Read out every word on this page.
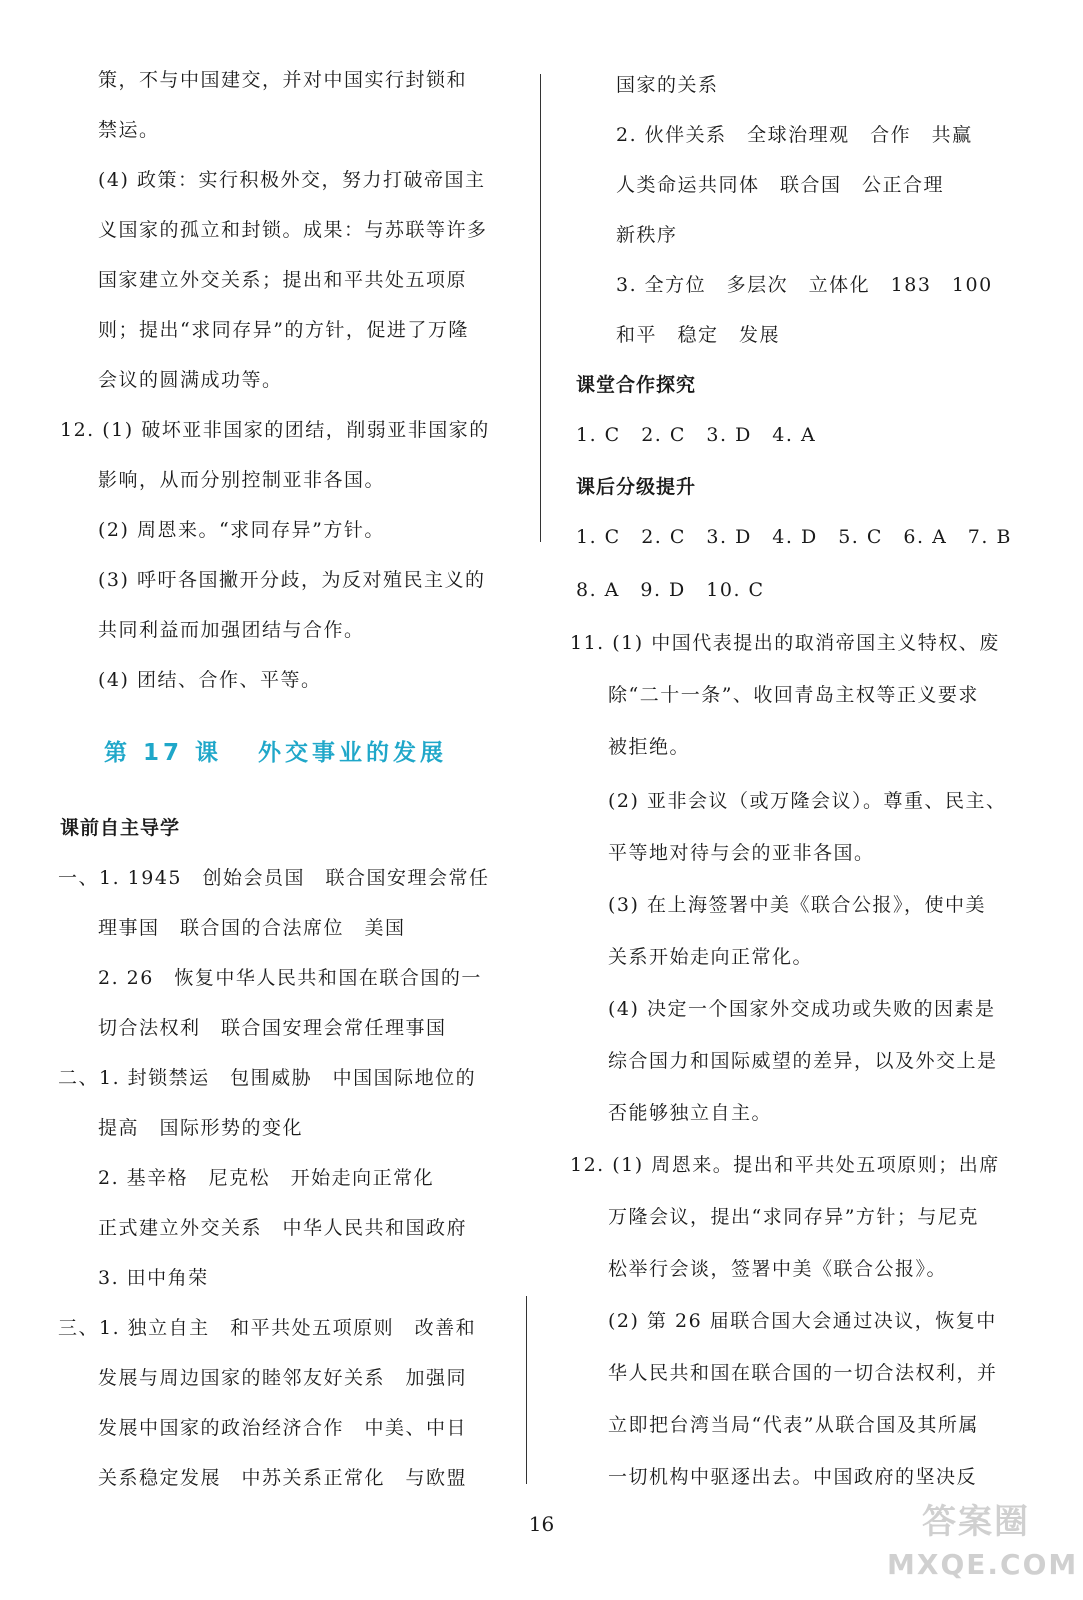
策，不与中国建交，并对中国实行封锁和
禁运。
(4) 政策：实行积极外交，努力打破帝国主
义国家的孤立和封锁。成果：与苏联等许多
国家建立外交关系；提出和平共处五项原
则；提出“求同存异”的方针，促进了万隆
会议的圆满成功等。
12. (1) 破坏亚非国家的团结，削弱亚非国家的
影响，从而分别控制亚非各国。
(2) 周恩来。“求同存异”方针。
(3) 呼吁各国撇开分歧，为反对殖民主义的
共同利益而加强团结与合作。
(4) 团结、合作、平等。
第 17 课 外交事业的发展
课前自主导学
一、1. 1945　创始会员国　联合国安理会常任
理事国　联合国的合法席位　美国
2. 26　恢复中华人民共和国在联合国的一
切合法权利　联合国安理会常任理事国
二、1. 封锁禁运　包围威胁　中国国际地位的
提高　国际形势的变化
2. 基辛格　尼克松　开始走向正常化
正式建立外交关系　中华人民共和国政府
3. 田中角荣
三、1. 独立自主　和平共处五项原则　改善和
发展与周边国家的睦邻友好关系　加强同
发展中国家的政治经济合作　中美、中日
关系稳定发展　中苏关系正常化　与欧盟
国家的关系
2. 伙伴关系　全球治理观　合作　共赢
人类命运共同体　联合国　公正合理
新秩序
3. 全方位　多层次　立体化　183　100
和平　稳定　发展
课堂合作探究
1. C　2. C　3. D　4. A
课后分级提升
1. C　2. C　3. D　4. D　5. C　6. A　7. B
8. A　9. D　10. C
11. (1) 中国代表提出的取消帝国主义特权、废
除“二十一条”、收回青岛主权等正义要求
被拒绝。
(2) 亚非会议（或万隆会议）。尊重、民主、
平等地对待与会的亚非各国。
(3) 在上海签署中美《联合公报》，使中美
关系开始走向正常化。
(4) 决定一个国家外交成功或失败的因素是
综合国力和国际威望的差异，以及外交上是
否能够独立自主。
12. (1) 周恩来。提出和平共处五项原则；出席
万隆会议，提出“求同存异”方针；与尼克
松举行会谈，签署中美《联合公报》。
(2) 第 26 届联合国大会通过决议，恢复中
华人民共和国在联合国的一切合法权利，并
立即把台湾当局“代表”从联合国及其所属
一切机构中驱逐出去。中国政府的坚决反
16	答案圈
MXQE.COM
